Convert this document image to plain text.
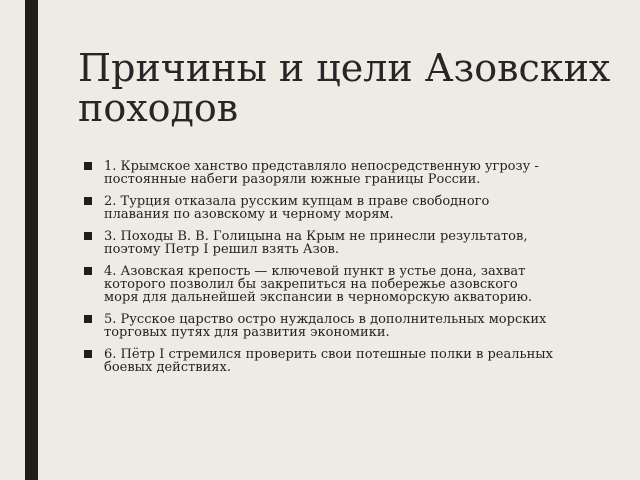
Причины и цели Азовских походов
1. Крымское ханство представляло непосредственную угрозу - постоянные набеги разоряли южные границы России.
2. Турция отказала русским купцам в праве свободного плавания по азовскому и черному морям.
3. Походы В. В. Голицына на Крым не принесли результатов, поэтому Петр I решил взять Азов.
4. Азовская крепость — ключевой пункт в устье дона, захват которого позволил бы закрепиться на побережье азовского моря для дальнейшей экспансии в черноморскую акваторию.
5. Русское царство остро нуждалось в дополнительных морских торговых путях для развития экономики.
6. Пётр I стремился проверить свои потешные полки в реальных боевых действиях.
